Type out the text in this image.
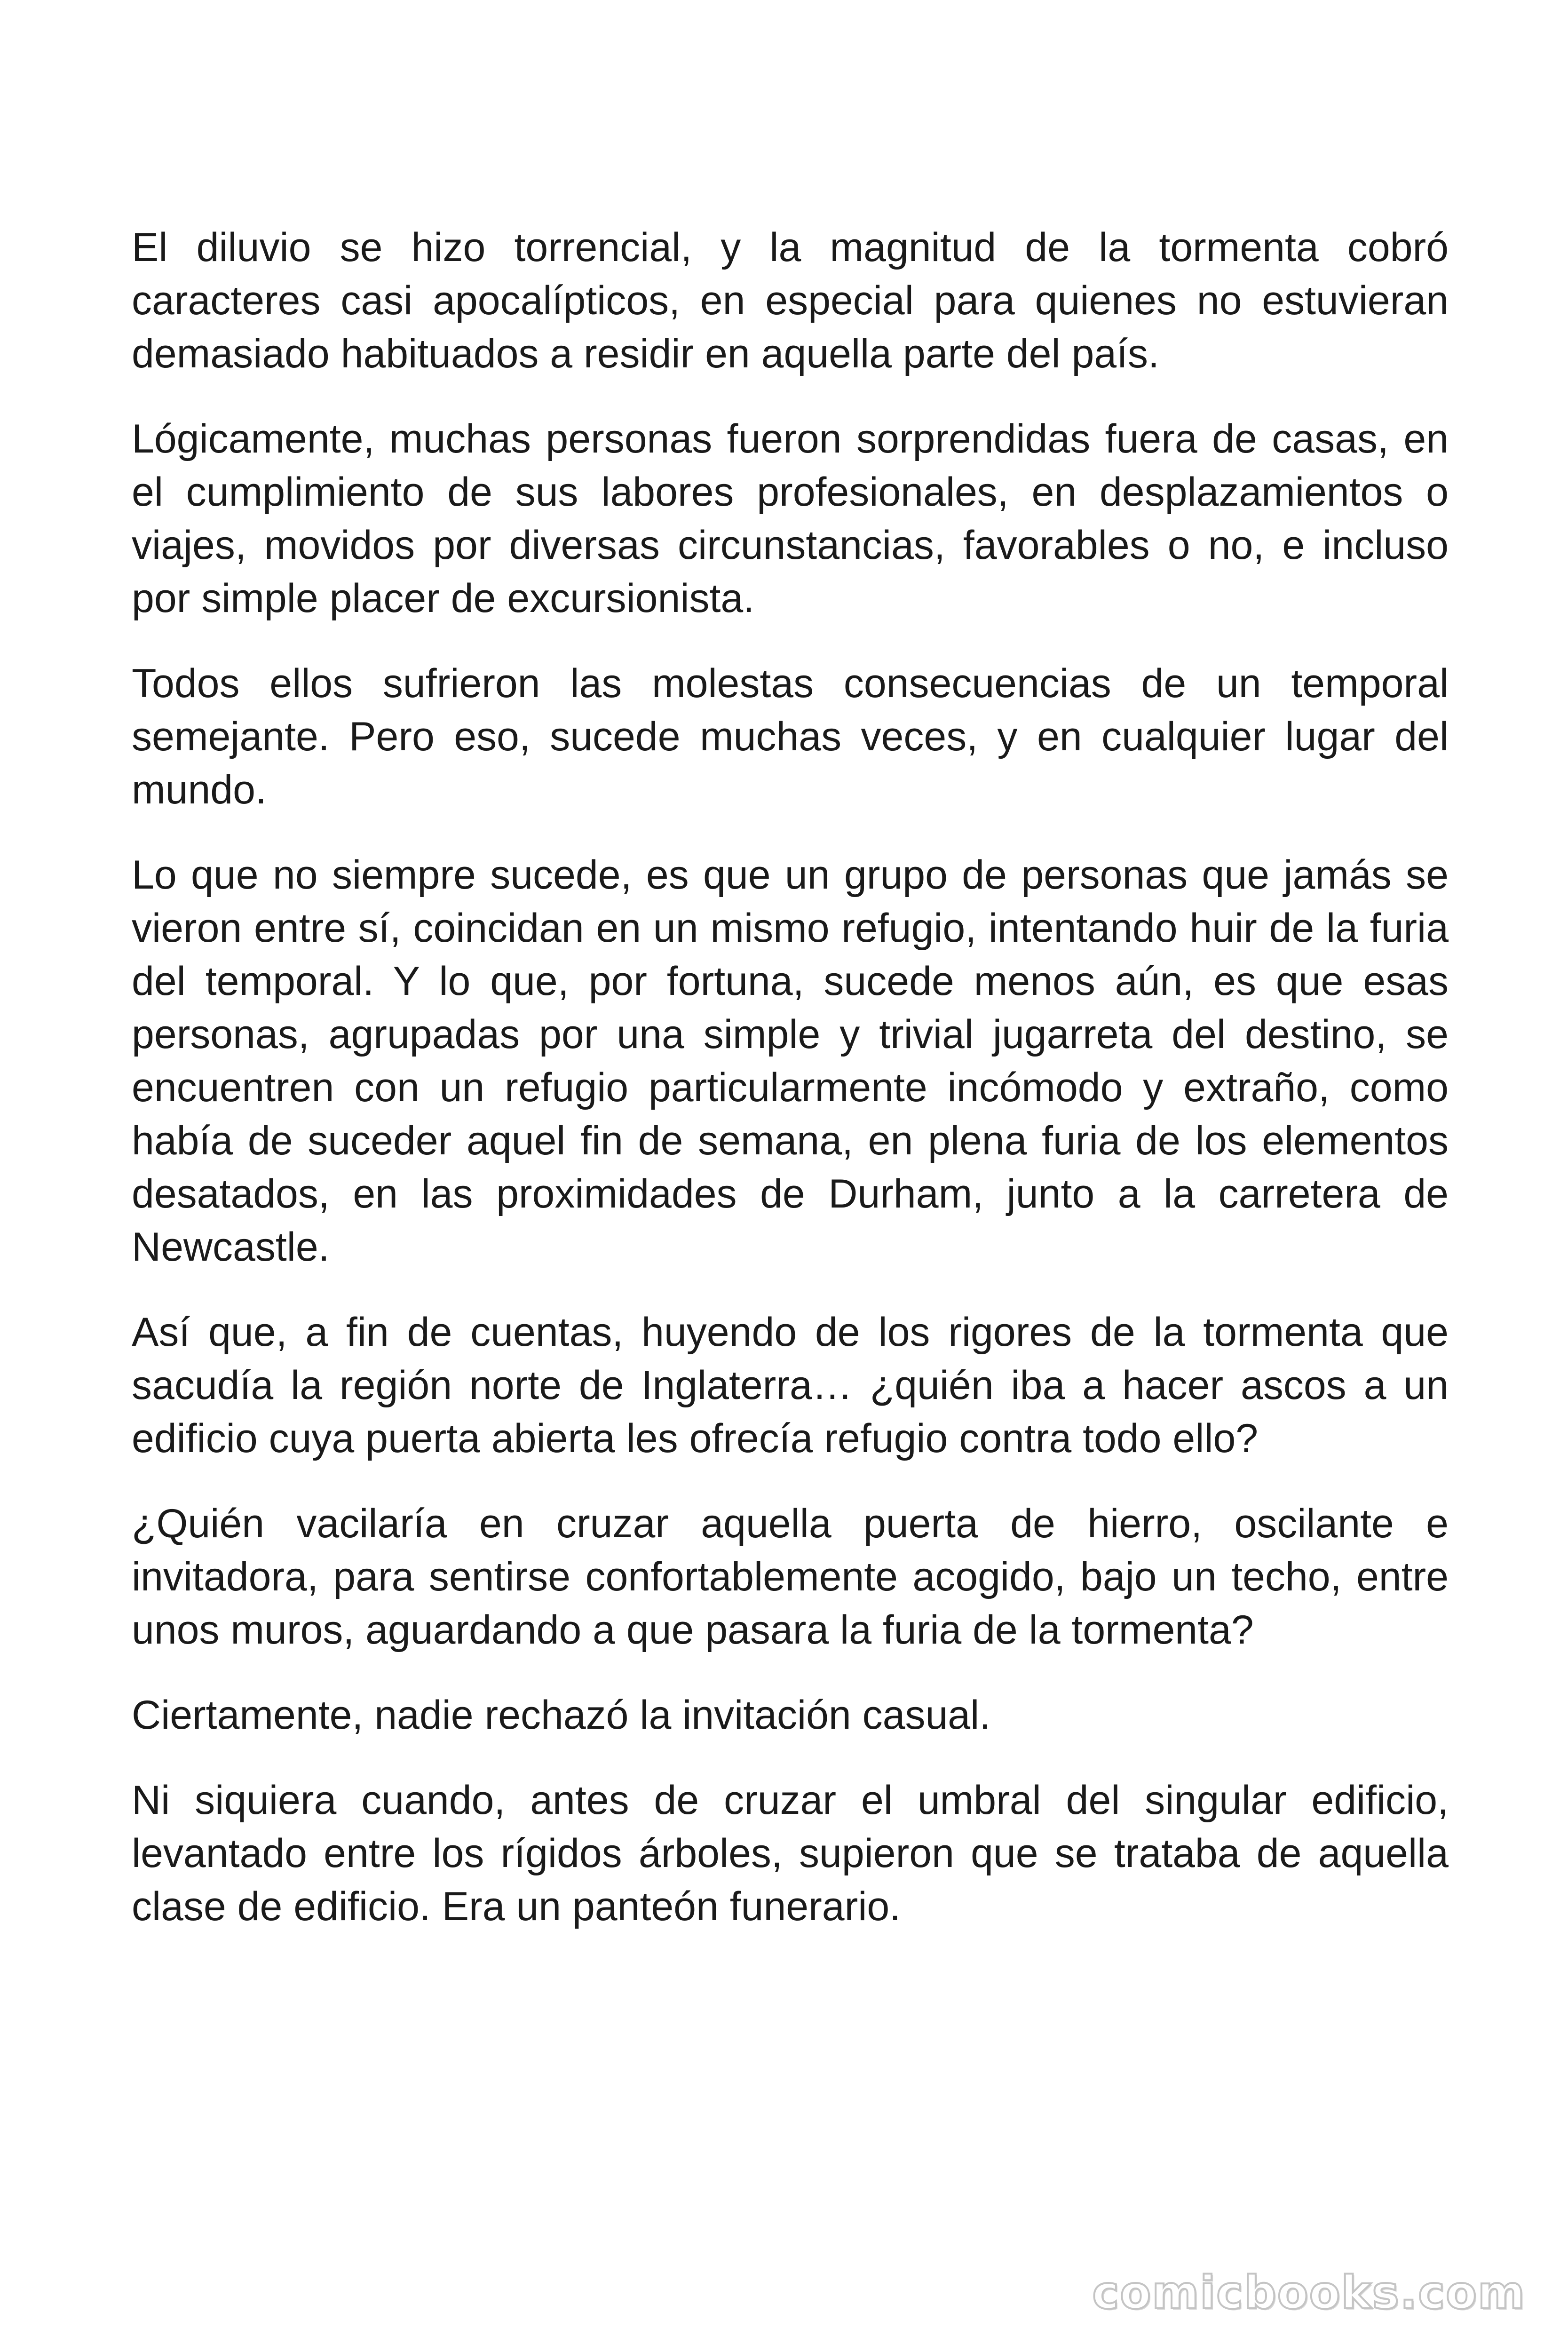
El diluvio se hizo torrencial, y la magnitud de la tormenta cobró caracteres casi apocalípticos, en especial para quienes no estuvieran demasiado habituados a residir en aquella parte del país.

Lógicamente, muchas personas fueron sorprendidas fuera de casas, en el cumplimiento de sus labores profesionales, en desplazamientos o viajes, movidos por diversas circunstancias, favorables o no, e incluso por simple placer de excursionista.

Todos ellos sufrieron las molestas consecuencias de un temporal semejante. Pero eso, sucede muchas veces, y en cualquier lugar del mundo.

Lo que no siempre sucede, es que un grupo de personas que jamás se vieron entre sí, coincidan en un mismo refugio, intentando huir de la furia del temporal. Y lo que, por fortuna, sucede menos aún, es que esas personas, agrupadas por una simple y trivial jugarreta del destino, se encuentren con un refugio particularmente incómodo y extraño, como había de suceder aquel fin de semana, en plena furia de los elementos desatados, en las proximidades de Durham, junto a la carretera de Newcastle.

Así que, a fin de cuentas, huyendo de los rigores de la tormenta que sacudía la región norte de Inglaterra… ¿quién iba a hacer ascos a un edificio cuya puerta abierta les ofrecía refugio contra todo ello?

¿Quién vacilaría en cruzar aquella puerta de hierro, oscilante e invitadora, para sentirse confortablemente acogido, bajo un techo, entre unos muros, aguardando a que pasara la furia de la tormenta?

Ciertamente, nadie rechazó la invitación casual.

Ni siquiera cuando, antes de cruzar el umbral del singular edificio, levantado entre los rígidos árboles, supieron que se trataba de aquella clase de edificio. Era un panteón funerario.

comicbooks.com
